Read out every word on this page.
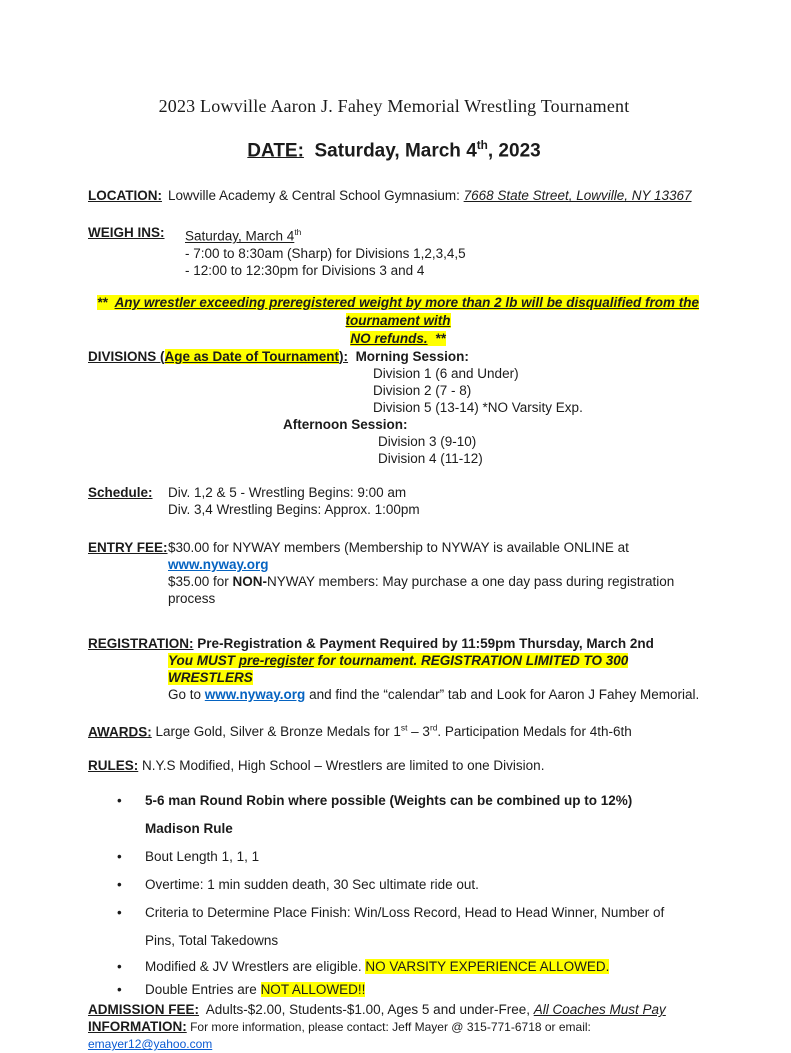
2023 Lowville Aaron J. Fahey Memorial Wrestling Tournament
DATE: Saturday, March 4th, 2023
LOCATION: Lowville Academy & Central School Gymnasium: 7668 State Street, Lowville, NY 13367
WEIGH INS:	Saturday, March 4th
- 7:00 to 8:30am (Sharp) for Divisions 1,2,3,4,5
- 12:00 to 12:30pm for Divisions 3 and 4
** Any wrestler exceeding preregistered weight by more than 2 lb will be disqualified from the tournament with
NO refunds. **
DIVISIONS (Age as Date of Tournament): Morning Session:
Division 1 (6 and Under)
Division 2 (7 - 8)
Division 5 (13-14) *NO Varsity Exp.
Afternoon Session:
Division 3 (9-10)
Division 4 (11-12)
Schedule:	Div. 1,2 & 5 - Wrestling Begins: 9:00 am
Div. 3,4 Wrestling Begins: Approx. 1:00pm
ENTRY FEE: $30.00 for NYWAY members (Membership to NYWAY is available ONLINE at www.nyway.org
$35.00 for NON-NYWAY members: May purchase a one day pass during registration process
REGISTRATION: Pre-Registration & Payment Required by 11:59pm Thursday, March 2nd
You MUST pre-register for tournament. REGISTRATION LIMITED TO 300 WRESTLERS
Go to www.nyway.org and find the “calendar” tab and Look for Aaron J Fahey Memorial.
AWARDS: Large Gold, Silver & Bronze Medals for 1st – 3rd. Participation Medals for 4th-6th
RULES: N.Y.S Modified, High School – Wrestlers are limited to one Division.
•	5-6 man Round Robin where possible (Weights can be combined up to 12%) Madison Rule
•	Bout Length 1, 1, 1
•	Overtime: 1 min sudden death, 30 Sec ultimate ride out.
•	Criteria to Determine Place Finish: Win/Loss Record, Head to Head Winner, Number of Pins, Total Takedowns
•	Modified & JV Wrestlers are eligible. NO VARSITY EXPERIENCE ALLOWED.
•	Double Entries are NOT ALLOWED!!
ADMISSION FEE: Adults-$2.00, Students-$1.00, Ages 5 and under-Free, All Coaches Must Pay
INFORMATION: For more information, please contact: Jeff Mayer @ 315-771-6718 or email: emayer12@yahoo.com
